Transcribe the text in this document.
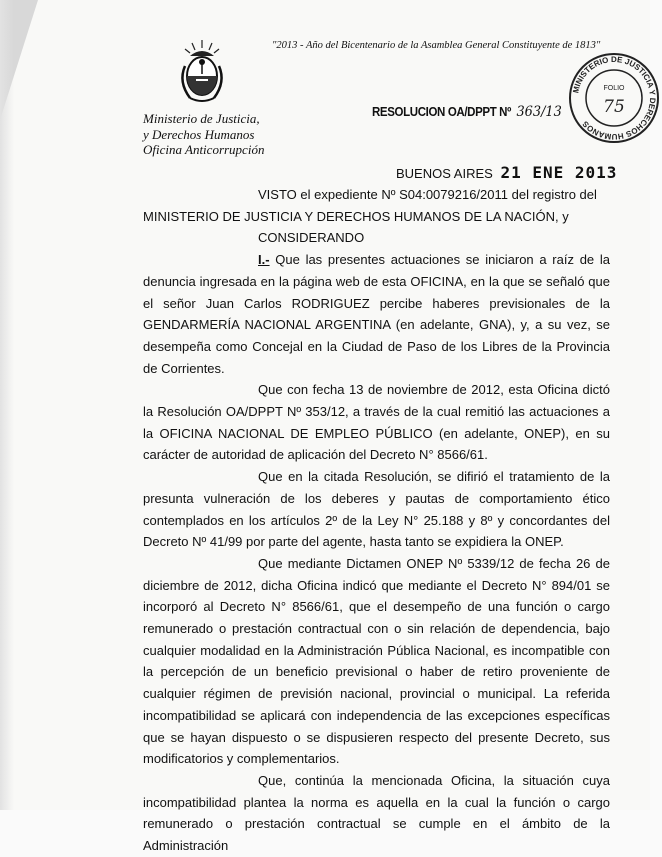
"2013 - Año del Bicentenario de la Asamblea General Constituyente de 1813"
Ministerio de Justicia,
y Derechos Humanos
Oficina Anticorrupción
RESOLUCION OA/DPPT Nº 363/13
MINISTERIO DE JUSTICIA Y DERECHOS HUMANOS
FOLIO
75
BUENOS AIRES 21 ENE 2013

VISTO el expediente Nº S04:0079216/2011 del registro del

MINISTERIO DE JUSTICIA Y DERECHOS HUMANOS DE LA NACIÓN, y

CONSIDERANDO

I.- Que las presentes actuaciones se iniciaron a raíz de la denuncia ingresada en la página web de esta OFICINA, en la que se señaló que el señor Juan Carlos RODRIGUEZ percibe haberes previsionales de la GENDARMERÍA NACIONAL ARGENTINA (en adelante, GNA), y, a su vez, se desempeña como Concejal en la Ciudad de Paso de los Libres de la Provincia de Corrientes.

Que con fecha 13 de noviembre de 2012, esta Oficina dictó la Resolución OA/DPPT Nº 353/12, a través de la cual remitió las actuaciones a la OFICINA NACIONAL DE EMPLEO PÚBLICO (en adelante, ONEP), en su carácter de autoridad de aplicación del Decreto N° 8566/61.

Que en la citada Resolución, se difirió el tratamiento de la presunta vulneración de los deberes y pautas de comportamiento ético contemplados en los artículos 2º de la Ley N° 25.188 y 8º y concordantes del Decreto Nº 41/99 por parte del agente, hasta tanto se expidiera la ONEP.

Que mediante Dictamen ONEP Nº 5339/12 de fecha 26 de diciembre de 2012, dicha Oficina indicó que mediante el Decreto N° 894/01 se incorporó al Decreto N° 8566/61, que el desempeño de una función o cargo remunerado o prestación contractual con o sin relación de dependencia, bajo cualquier modalidad en la Administración Pública Nacional, es incompatible con la percepción de un beneficio previsional o haber de retiro proveniente de cualquier régimen de previsión nacional, provincial o municipal. La referida incompatibilidad se aplicará con independencia de las excepciones específicas que se hayan dispuesto o se dispusieren respecto del presente Decreto, sus modificatorios y complementarios.

Que, continúa la mencionada Oficina, la situación cuya incompatibilidad plantea la norma es aquella en la cual la función o cargo remunerado o prestación contractual se cumple en el ámbito de la Administración
